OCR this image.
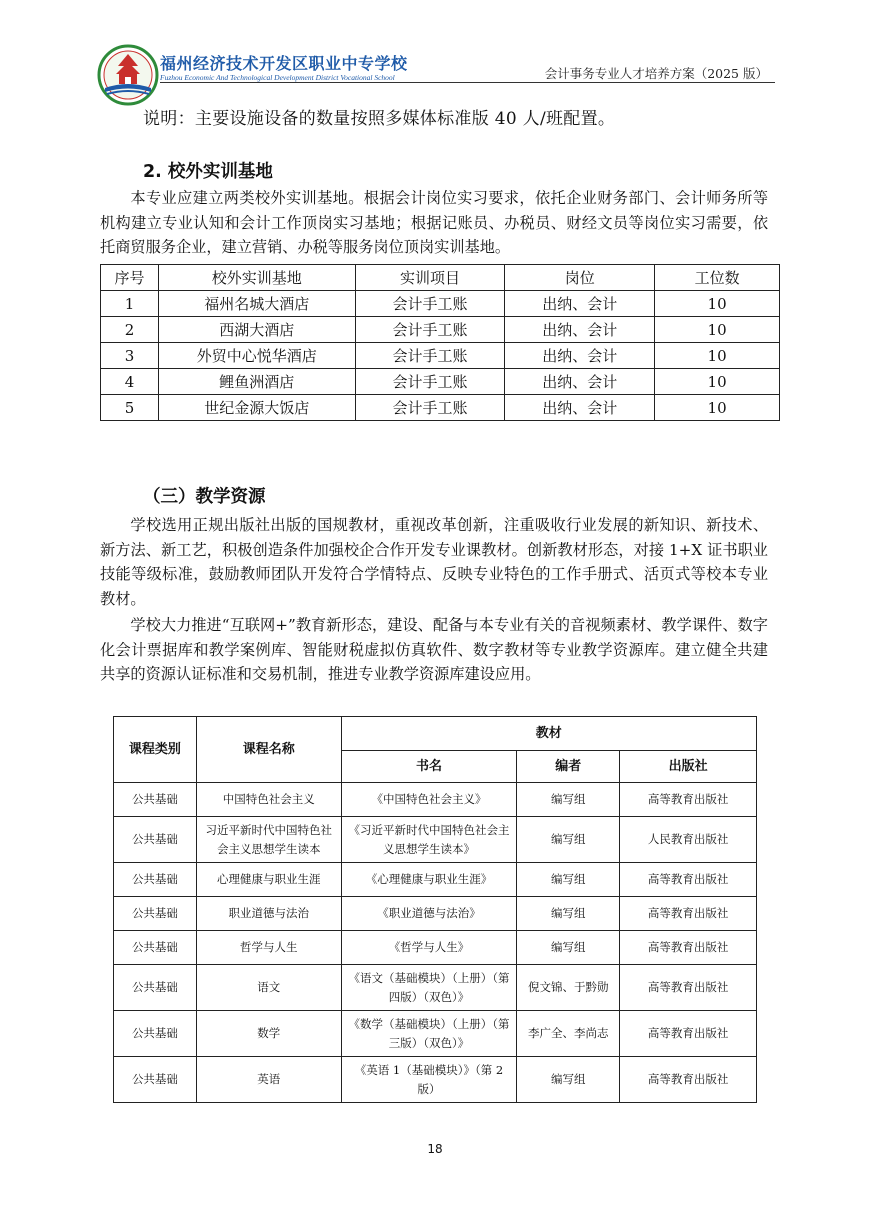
福州经济技术开发区职业中专学校
Fuzhou Economic And Technological Development District Vocational School	会计事务专业人才培养方案（2025 版）
说明：主要设施设备的数量按照多媒体标准版 40 人/班配置。
2. 校外实训基地
本专业应建立两类校外实训基地。根据会计岗位实习要求，依托企业财务部门、会计师务所等机构建立专业认知和会计工作顶岗实习基地；根据记账员、办税员、财经文员等岗位实习需要，依托商贸服务企业，建立营销、办税等服务岗位顶岗实训基地。
序号	校外实训基地	实训项目	岗位	工位数
1	福州名城大酒店	会计手工账	出纳、会计	10
2	西湖大酒店	会计手工账	出纳、会计	10
3	外贸中心悦华酒店	会计手工账	出纳、会计	10
4	鲤鱼洲酒店	会计手工账	出纳、会计	10
5	世纪金源大饭店	会计手工账	出纳、会计	10
（三）教学资源
学校选用正规出版社出版的国规教材，重视改革创新，注重吸收行业发展的新知识、新技术、新方法、新工艺，积极创造条件加强校企合作开发专业课教材。创新教材形态，对接 1+X 证书职业技能等级标准，鼓励教师团队开发符合学情特点、反映专业特色的工作手册式、活页式等校本专业教材。
学校大力推进“互联网+”教育新形态，建设、配备与本专业有关的音视频素材、教学课件、数字化会计票据库和教学案例库、智能财税虚拟仿真软件、数字教材等专业教学资源库。建立健全共建共享的资源认证标准和交易机制，推进专业教学资源库建设应用。
课程类别	课程名称	教材		
		书名	编者	出版社
公共基础	中国特色社会主义	《中国特色社会主义》	编写组	高等教育出版社
公共基础	习近平新时代中国特色社会主义思想学生读本	《习近平新时代中国特色社会主义思想学生读本》	编写组	人民教育出版社
公共基础	心理健康与职业生涯	《心理健康与职业生涯》	编写组	高等教育出版社
公共基础	职业道德与法治	《职业道德与法治》	编写组	高等教育出版社
公共基础	哲学与人生	《哲学与人生》	编写组	高等教育出版社
公共基础	语文	《语文（基础模块）（上册）（第四版）（双色）》	倪文锦、于黔勋	高等教育出版社
公共基础	数学	《数学（基础模块）（上册）（第三版）（双色）》	李广全、李尚志	高等教育出版社
公共基础	英语	《英语 1（基础模块）》（第 2 版）	编写组	高等教育出版社
18
